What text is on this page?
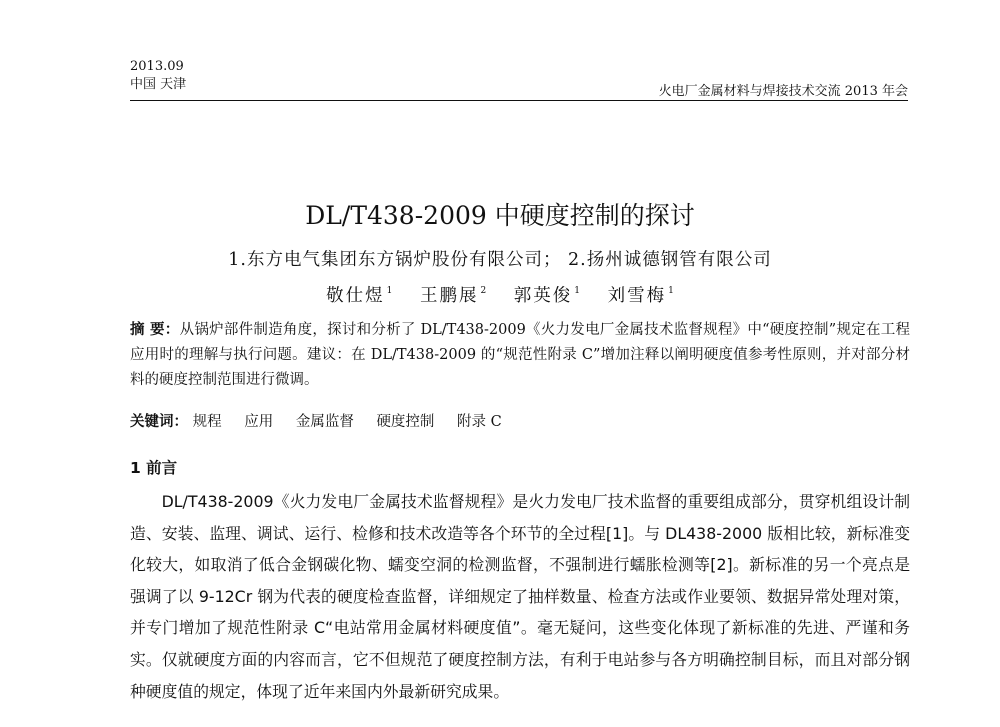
2013.09
中国 天津	火电厂金属材料与焊接技术交流 2013 年会
DL/T438-2009 中硬度控制的探讨
1.东方电气集团东方锅炉股份有限公司； 2.扬州诚德钢管有限公司
敬仕煜 $^1$ 王鹏展 $^2$ 郭英俊 $^1$ 刘雪梅 $^1$
摘 要：从锅炉部件制造角度，探讨和分析了 DL/T438-2009《火力发电厂金属技术监督规程》中“硬度控制”规定在工程应用时的理解与执行问题。建议：在 DL/T438-2009 的“规范性附录 C”增加注释以阐明硬度值参考性原则，并对部分材料的硬度控制范围进行微调。
关键词： 规程 应用 金属监督 硬度控制 附录 C
1 前言
DL/T438-2009《火力发电厂金属技术监督规程》是火力发电厂技术监督的重要组成部分，贯穿机组设计制造、安装、监理、调试、运行、检修和技术改造等各个环节的全过程[1]。与 DL438-2000 版相比较，新标准变化较大，如取消了低合金钢碳化物、蠕变空洞的检测监督，不强制进行蠕胀检测等[2]。新标准的另一个亮点是强调了以 9-12Cr 钢为代表的硬度检查监督，详细规定了抽样数量、检查方法或作业要领、数据异常处理对策，并专门增加了规范性附录 C“电站常用金属材料硬度值”。毫无疑问，这些变化体现了新标准的先进、严谨和务实。仅就硬度方面的内容而言，它不但规范了硬度控制方法，有利于电站参与各方明确控制目标，而且对部分钢种硬度值的规定，体现了近年来国内外最新研究成果。
